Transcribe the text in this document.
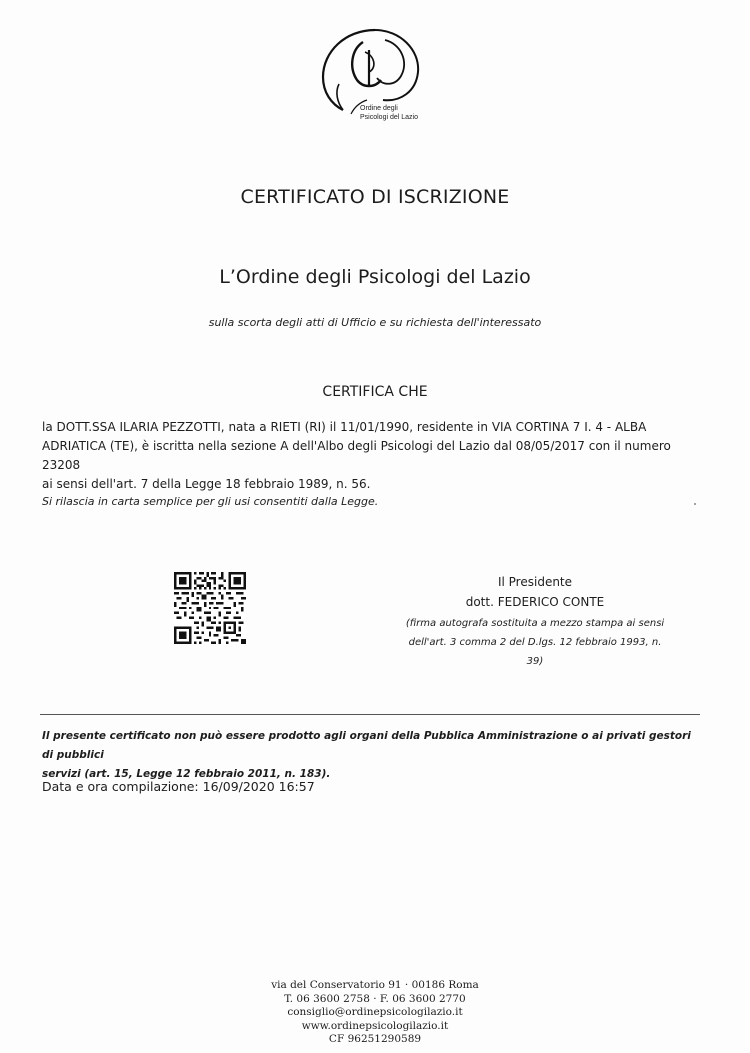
Ordine degli
Psicologi del Lazio
CERTIFICATO DI ISCRIZIONE
L’Ordine degli Psicologi del Lazio
sulla scorta degli atti di Ufficio e su richiesta dell'interessato
CERTIFICA CHE
la DOTT.SSA ILARIA PEZZOTTI, nata a RIETI (RI) il 11/01/1990, residente in VIA CORTINA 7 I. 4 - ALBA
ADRIATICA (TE), è iscritta nella sezione A dell'Albo degli Psicologi del Lazio dal 08/05/2017 con il numero 23208
ai sensi dell'art. 7 della Legge 18 febbraio 1989, n. 56.
Si rilascia in carta semplice per gli usi consentiti dalla Legge.
Il Presidente
dott. FEDERICO CONTE
(firma autografa sostituita a mezzo stampa ai sensi
dell'art. 3 comma 2 del D.lgs. 12 febbraio 1993, n. 39)
Il presente certificato non può essere prodotto agli organi della Pubblica Amministrazione o ai privati gestori di pubblici
servizi (art. 15, Legge 12 febbraio 2011, n. 183).
Data e ora compilazione: 16/09/2020 16:57
via del Conservatorio 91 · 00186 Roma
T. 06 3600 2758 · F. 06 3600 2770
consiglio@ordinepsicologilazio.it
www.ordinepsicologilazio.it
CF 96251290589
